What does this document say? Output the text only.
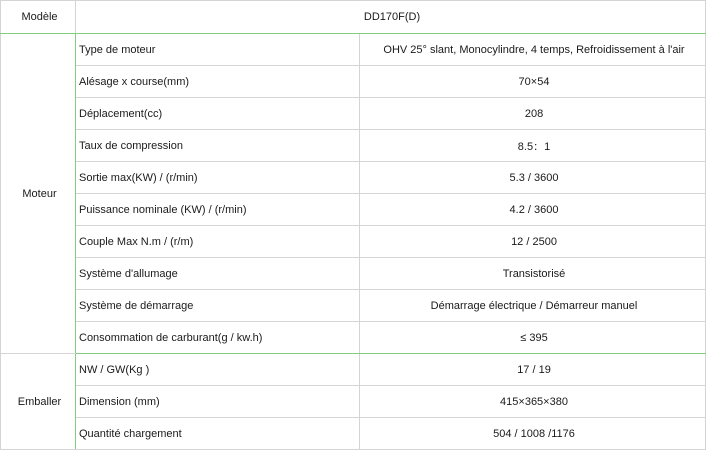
Modèle	DD170F(D)	
Moteur	Type de moteur	OHV 25° slant, Monocylindre, 4 temps, Refroidissement à l'air
	Alésage x course(mm)	70×54
	Déplacement(cc)	208
	Taux de compression	8.5：1
	Sortie max(KW) / (r/min)	5.3 / 3600
	Puissance nominale (KW) / (r/min)	4.2 / 3600
	Couple Max N.m / (r/m)	12 / 2500
	Système d'allumage	Transistorisé
	Système de démarrage	Démarrage électrique / Démarreur manuel
	Consommation de carburant(g / kw.h)	≤ 395
Emballer	NW / GW(Kg )	17 / 19
	Dimension (mm)	415×365×380
	Quantité chargement	504 / 1008 /1176
